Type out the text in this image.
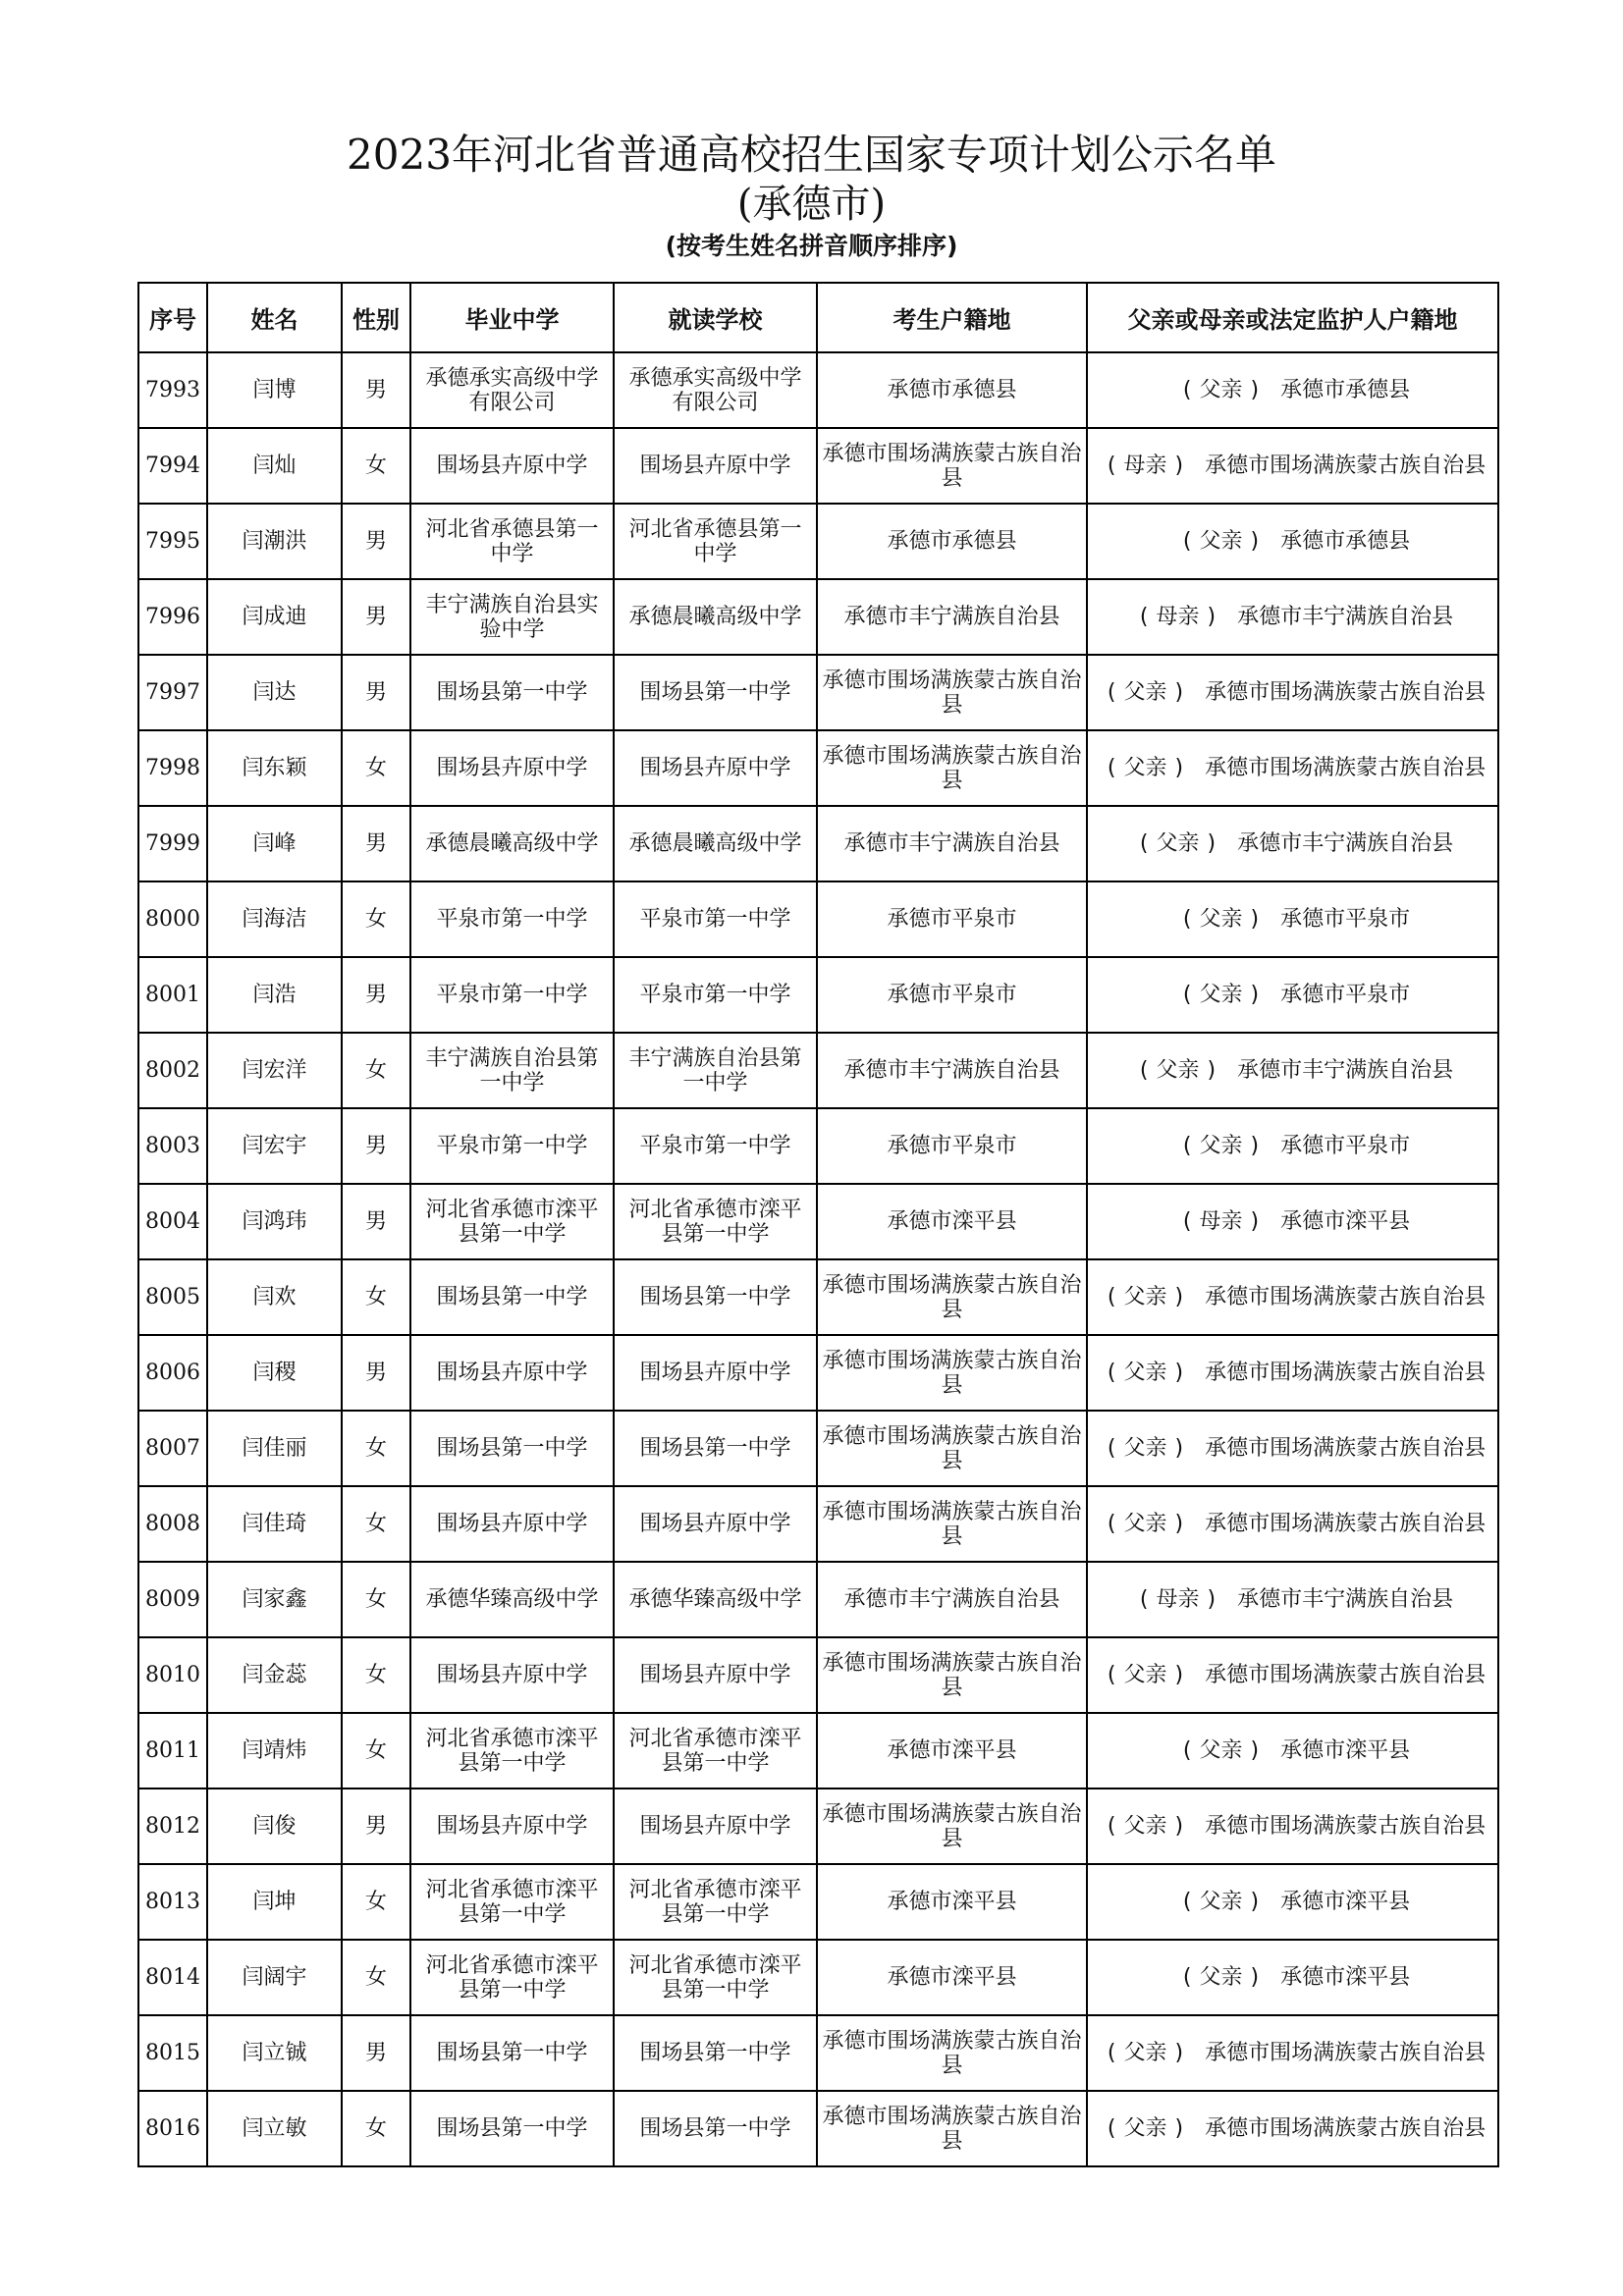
2023年河北省普通高校招生国家专项计划公示名单
(承德市)
(按考生姓名拼音顺序排序)
序号	姓名	性别	毕业中学	就读学校	考生户籍地	父亲或母亲或法定监护人户籍地
7993	闫博	男	承德承实高级中学有限公司	承德承实高级中学有限公司	承德市承德县	( 父亲 ) 承德市承德县
7994	闫灿	女	围场县卉原中学	围场县卉原中学	承德市围场满族蒙古族自治县	( 母亲 ) 承德市围场满族蒙古族自治县
7995	闫潮洪	男	河北省承德县第一中学	河北省承德县第一中学	承德市承德县	( 父亲 ) 承德市承德县
7996	闫成迪	男	丰宁满族自治县实验中学	承德晨曦高级中学	承德市丰宁满族自治县	( 母亲 ) 承德市丰宁满族自治县
7997	闫达	男	围场县第一中学	围场县第一中学	承德市围场满族蒙古族自治县	( 父亲 ) 承德市围场满族蒙古族自治县
7998	闫东颖	女	围场县卉原中学	围场县卉原中学	承德市围场满族蒙古族自治县	( 父亲 ) 承德市围场满族蒙古族自治县
7999	闫峰	男	承德晨曦高级中学	承德晨曦高级中学	承德市丰宁满族自治县	( 父亲 ) 承德市丰宁满族自治县
8000	闫海洁	女	平泉市第一中学	平泉市第一中学	承德市平泉市	( 父亲 ) 承德市平泉市
8001	闫浩	男	平泉市第一中学	平泉市第一中学	承德市平泉市	( 父亲 ) 承德市平泉市
8002	闫宏洋	女	丰宁满族自治县第一中学	丰宁满族自治县第一中学	承德市丰宁满族自治县	( 父亲 ) 承德市丰宁满族自治县
8003	闫宏宇	男	平泉市第一中学	平泉市第一中学	承德市平泉市	( 父亲 ) 承德市平泉市
8004	闫鸿玮	男	河北省承德市滦平县第一中学	河北省承德市滦平县第一中学	承德市滦平县	( 母亲 ) 承德市滦平县
8005	闫欢	女	围场县第一中学	围场县第一中学	承德市围场满族蒙古族自治县	( 父亲 ) 承德市围场满族蒙古族自治县
8006	闫稷	男	围场县卉原中学	围场县卉原中学	承德市围场满族蒙古族自治县	( 父亲 ) 承德市围场满族蒙古族自治县
8007	闫佳丽	女	围场县第一中学	围场县第一中学	承德市围场满族蒙古族自治县	( 父亲 ) 承德市围场满族蒙古族自治县
8008	闫佳琦	女	围场县卉原中学	围场县卉原中学	承德市围场满族蒙古族自治县	( 父亲 ) 承德市围场满族蒙古族自治县
8009	闫家鑫	女	承德华臻高级中学	承德华臻高级中学	承德市丰宁满族自治县	( 母亲 ) 承德市丰宁满族自治县
8010	闫金蕊	女	围场县卉原中学	围场县卉原中学	承德市围场满族蒙古族自治县	( 父亲 ) 承德市围场满族蒙古族自治县
8011	闫靖炜	女	河北省承德市滦平县第一中学	河北省承德市滦平县第一中学	承德市滦平县	( 父亲 ) 承德市滦平县
8012	闫俊	男	围场县卉原中学	围场县卉原中学	承德市围场满族蒙古族自治县	( 父亲 ) 承德市围场满族蒙古族自治县
8013	闫坤	女	河北省承德市滦平县第一中学	河北省承德市滦平县第一中学	承德市滦平县	( 父亲 ) 承德市滦平县
8014	闫阔宇	女	河北省承德市滦平县第一中学	河北省承德市滦平县第一中学	承德市滦平县	( 父亲 ) 承德市滦平县
8015	闫立铖	男	围场县第一中学	围场县第一中学	承德市围场满族蒙古族自治县	( 父亲 ) 承德市围场满族蒙古族自治县
8016	闫立敏	女	围场县第一中学	围场县第一中学	承德市围场满族蒙古族自治县	( 父亲 ) 承德市围场满族蒙古族自治县
